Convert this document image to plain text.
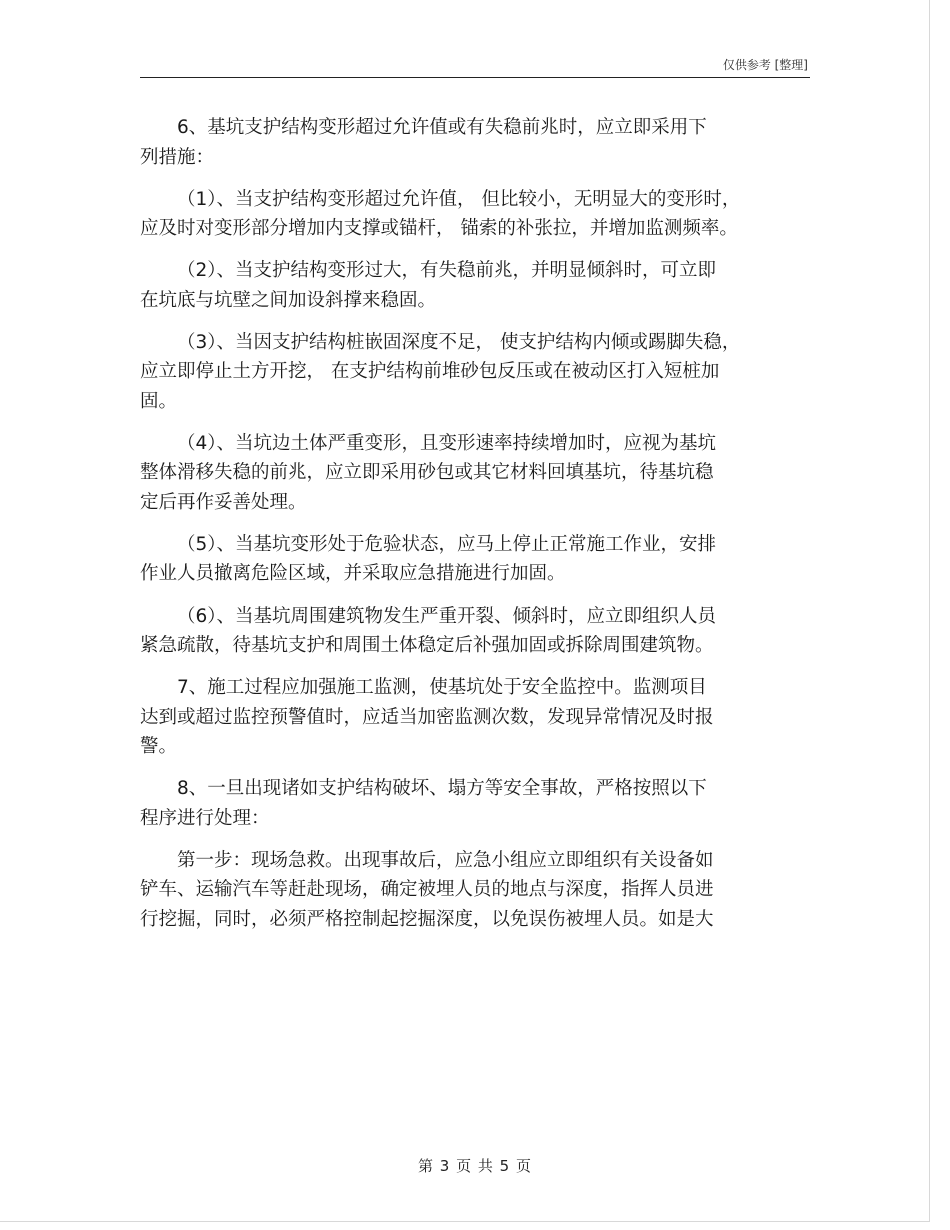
仅供参考 [整理]

6、基坑支护结构变形超过允许值或有失稳前兆时，应立即采用下
列措施：

（1）、当支护结构变形超过允许值， 但比较小，无明显大的变形时，
应及时对变形部分增加内支撑或锚杆， 锚索的补张拉，并增加监测频率。

（2）、当支护结构变形过大，有失稳前兆，并明显倾斜时，可立即
在坑底与坑壁之间加设斜撑来稳固。

（3）、当因支护结构桩嵌固深度不足， 使支护结构内倾或踢脚失稳，
应立即停止土方开挖， 在支护结构前堆砂包反压或在被动区打入短桩加
固。

（4）、当坑边土体严重变形，且变形速率持续增加时，应视为基坑
整体滑移失稳的前兆，应立即采用砂包或其它材料回填基坑，待基坑稳
定后再作妥善处理。

（5）、当基坑变形处于危验状态，应马上停止正常施工作业，安排
作业人员撤离危险区域，并采取应急措施进行加固。

（6）、当基坑周围建筑物发生严重开裂、倾斜时，应立即组织人员
紧急疏散，待基坑支护和周围土体稳定后补强加固或拆除周围建筑物。

7、施工过程应加强施工监测，使基坑处于安全监控中。监测项目
达到或超过监控预警值时，应适当加密监测次数，发现异常情况及时报
警。

8、一旦出现诸如支护结构破坏、塌方等安全事故，严格按照以下
程序进行处理：

第一步：现场急救。出现事故后，应急小组应立即组织有关设备如
铲车、运输汽车等赶赴现场，确定被埋人员的地点与深度，指挥人员进
行挖掘，同时，必须严格控制起挖掘深度，以免误伤被埋人员。如是大

第 3 页 共 5 页
